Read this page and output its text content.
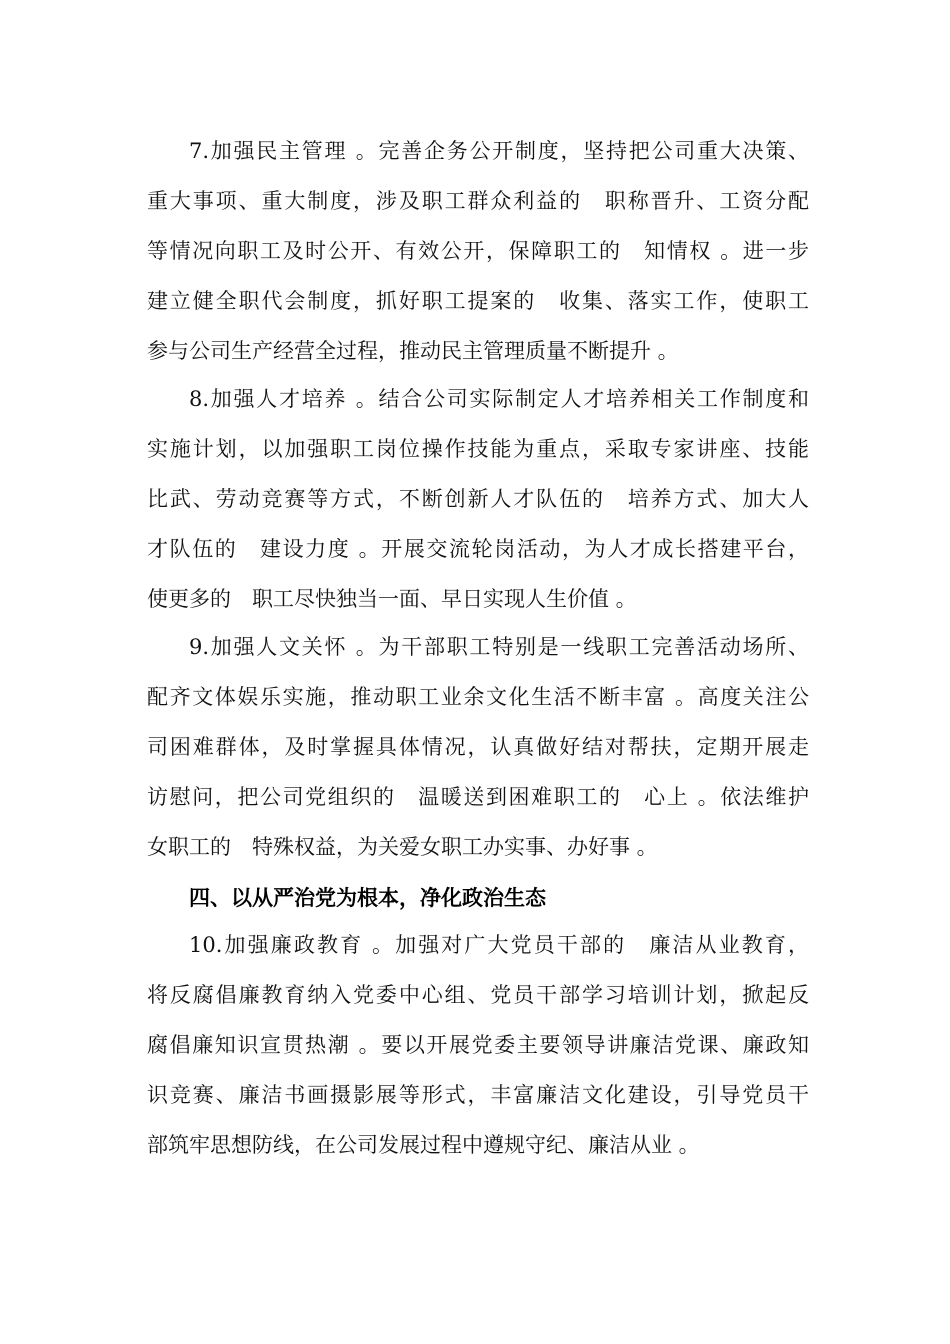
7.加强民主管理 。完善企务公开制度，坚持把公司重大决策、
重大事项、重大制度，涉及职工群众利益的　职称晋升、工资分配
等情况向职工及时公开、有效公开，保障职工的　知情权 。进一步
建立健全职代会制度，抓好职工提案的　收集、落实工作，使职工
参与公司生产经营全过程，推动民主管理质量不断提升 。
8.加强人才培养 。结合公司实际制定人才培养相关工作制度和
实施计划，以加强职工岗位操作技能为重点，采取专家讲座、技能
比武、劳动竞赛等方式，不断创新人才队伍的　培养方式、加大人
才队伍的　建设力度 。开展交流轮岗活动，为人才成长搭建平台，
使更多的　职工尽快独当一面、早日实现人生价值 。
9.加强人文关怀 。为干部职工特别是一线职工完善活动场所、
配齐文体娱乐实施，推动职工业余文化生活不断丰富 。高度关注公
司困难群体，及时掌握具体情况，认真做好结对帮扶，定期开展走
访慰问，把公司党组织的　温暖送到困难职工的　心上 。依法维护
女职工的　特殊权益，为关爱女职工办实事、办好事 。
四、以从严治党为根本，净化政治生态
10.加强廉政教育 。加强对广大党员干部的　廉洁从业教育，
将反腐倡廉教育纳入党委中心组、党员干部学习培训计划，掀起反
腐倡廉知识宣贯热潮 。要以开展党委主要领导讲廉洁党课、廉政知
识竞赛、廉洁书画摄影展等形式，丰富廉洁文化建设，引导党员干
部筑牢思想防线，在公司发展过程中遵规守纪、廉洁从业 。
